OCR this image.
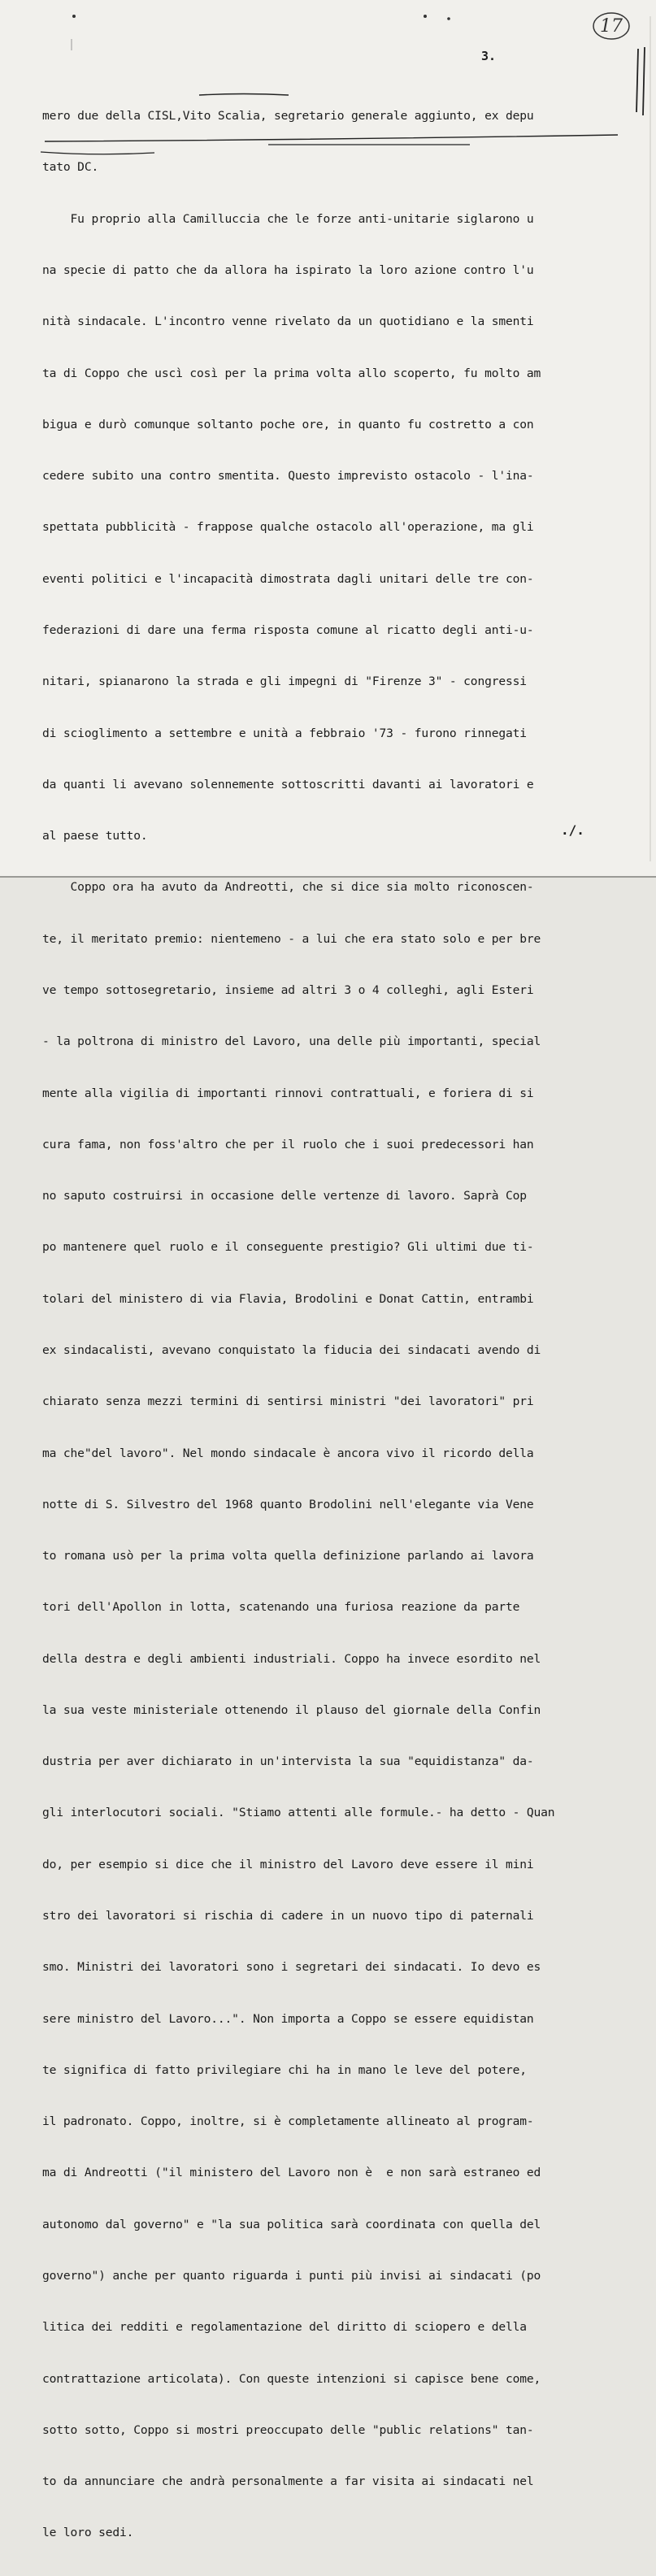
17
3.

mero due della CISL,Vito Scalia, segretario generale aggiunto, ex depu

tato DC.

Fu proprio alla Camilluccia che le forze anti-unitarie siglarono u

na specie di patto che da allora ha ispirato la loro azione contro l'u

nità sindacale. L'incontro venne rivelato da un quotidiano e la smenti

ta di Coppo che uscì così per la prima volta allo scoperto, fu molto am

bigua e durò comunque soltanto poche ore, in quanto fu costretto a con

cedere subito una contro smentita. Questo imprevisto ostacolo - l'ina-

spettata pubblicità - frappose qualche ostacolo all'operazione, ma gli

eventi politici e l'incapacità dimostrata dagli unitari delle tre con-

federazioni di dare una ferma risposta comune al ricatto degli anti-u-

nitari, spianarono la strada e gli impegni di "Firenze 3" - congressi

di scioglimento a settembre e unità a febbraio '73 - furono rinnegati

da quanti li avevano solennemente sottoscritti davanti ai lavoratori e

al paese tutto.

Coppo ora ha avuto da Andreotti, che si dice sia molto riconoscen-

te, il meritato premio: nientemeno - a lui che era stato solo e per bre

ve tempo sottosegretario, insieme ad altri 3 o 4 colleghi, agli Esteri

- la poltrona di ministro del Lavoro, una delle più importanti, special

mente alla vigilia di importanti rinnovi contrattuali, e foriera di si

cura fama, non foss'altro che per il ruolo che i suoi predecessori han

no saputo costruirsi in occasione delle vertenze di lavoro. Saprà Cop

po mantenere quel ruolo e il conseguente prestigio? Gli ultimi due ti-

tolari del ministero di via Flavia, Brodolini e Donat Cattin, entrambi

ex sindacalisti, avevano conquistato la fiducia dei sindacati avendo di

chiarato senza mezzi termini di sentirsi ministri "dei lavoratori" pri

ma che"del lavoro". Nel mondo sindacale è ancora vivo il ricordo della

notte di S. Silvestro del 1968 quanto Brodolini nell'elegante via Vene

to romana usò per la prima volta quella definizione parlando ai lavora

tori dell'Apollon in lotta, scatenando una furiosa reazione da parte

della destra e degli ambienti industriali. Coppo ha invece esordito nel

la sua veste ministeriale ottenendo il plauso del giornale della Confin

dustria per aver dichiarato in un'intervista la sua "equidistanza" da-

gli interlocutori sociali. "Stiamo attenti alle formule.- ha detto - Quan

do, per esempio si dice che il ministro del Lavoro deve essere il mini

stro dei lavoratori si rischia di cadere in un nuovo tipo di paternali

smo. Ministri dei lavoratori sono i segretari dei sindacati. Io devo es

sere ministro del Lavoro...". Non importa a Coppo se essere equidistan

te significa di fatto privilegiare chi ha in mano le leve del potere,

il padronato. Coppo, inoltre, si è completamente allineato al program-

ma di Andreotti ("il ministero del Lavoro non è  e non sarà estraneo ed

autonomo dal governo" e "la sua politica sarà coordinata con quella del

governo") anche per quanto riguarda i punti più invisi ai sindacati (po

litica dei redditi e regolamentazione del diritto di sciopero e della

contrattazione articolata). Con queste intenzioni si capisce bene come,

sotto sotto, Coppo si mostri preoccupato delle "public relations" tan-

to da annunciare che andrà personalmente a far visita ai sindacati nel

le loro sedi.

./.
